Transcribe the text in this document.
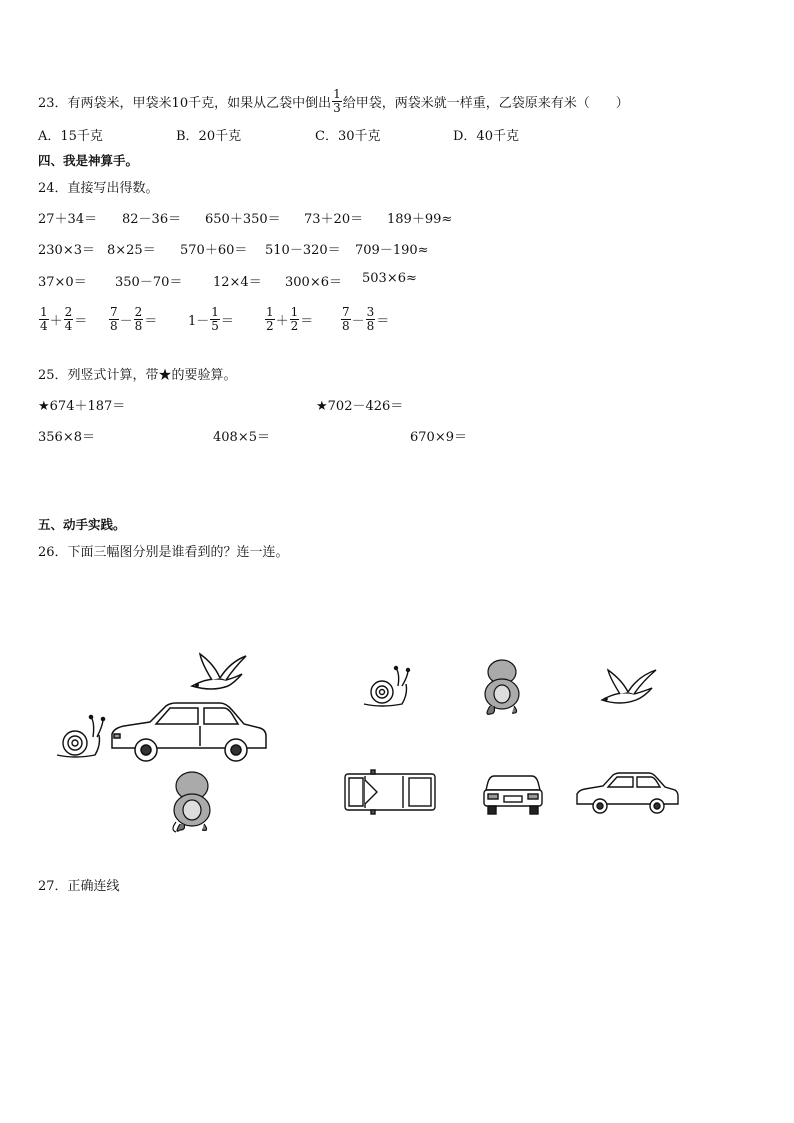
23．有两袋米，甲袋米10千克，如果从乙袋中倒出 $\frac{1}{3}$ 给甲袋，两袋米就一样重，乙袋原来有米（　　）
A．15千克	B．20千克	C．30千克	D．40千克
四、我是神算手。
24．直接写出得数。
27＋34＝ 82－36＝ 650＋350＝ 73＋20＝ 189＋99≈
230×3＝ 8×25＝ 570＋60＝ 510－320＝ 709－190≈
37×0＝ 350－70＝ 12×4＝ 300×6＝ 503×6≈
$\frac{1}{4} + \frac{2}{4} = \frac{7}{8} - \frac{2}{8} = 1- \frac{1}{5}$ ＝	$\frac{1}{2} + \frac{1}{2} = \frac{7}{8} - \frac{3}{8}$ ＝
25．列竖式计算，带★的要验算。
★674＋187＝	★702－426＝
356×8＝	408×5＝	670×9＝
五、动手实践。
26．下面三幅图分别是谁看到的？连一连。
27．正确连线
